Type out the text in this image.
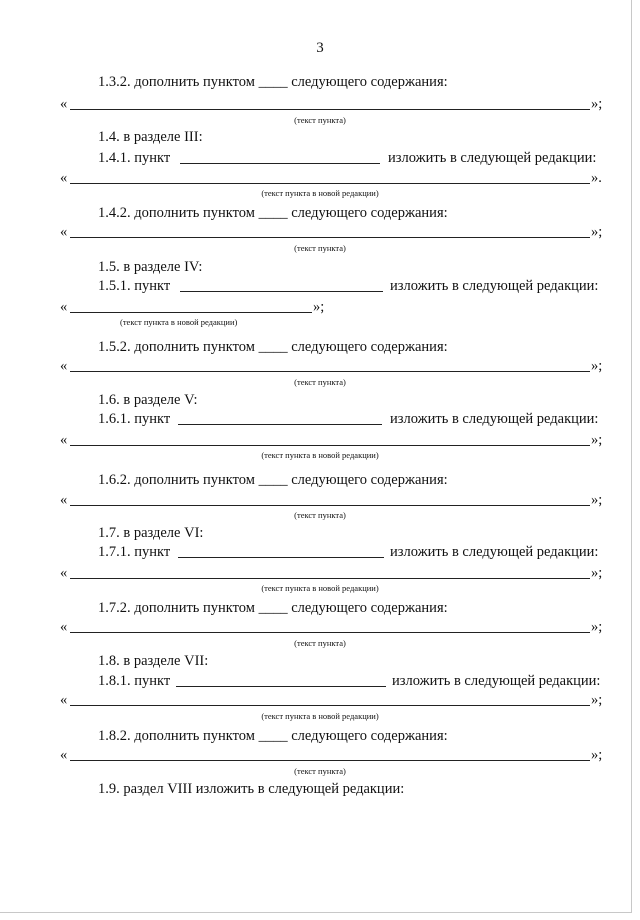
3
1.3.2. дополнить пунктом ____ следующего содержания:
«	»;
(текст пункта)
1.4. в разделе III:
1.4.1. пункт	изложить в следующей редакции:
«	».
(текст пункта в новой редакции)
1.4.2. дополнить пунктом ____ следующего содержания:
«	»;
(текст пункта)
1.5. в разделе IV:
1.5.1. пункт	изложить в следующей редакции:
«	»;
(текст пункта в новой редакции)
1.5.2. дополнить пунктом ____ следующего содержания:
«	»;
(текст пункта)
1.6. в разделе V:
1.6.1. пункт	изложить в следующей редакции:
«	»;
(текст пункта в новой редакции)
1.6.2. дополнить пунктом ____ следующего содержания:
«	»;
(текст пункта)
1.7. в разделе VI:
1.7.1. пункт	изложить в следующей редакции:
«	»;
(текст пункта в новой редакции)
1.7.2. дополнить пунктом ____ следующего содержания:
«	»;
(текст пункта)
1.8. в разделе VII:
1.8.1. пункт	изложить в следующей редакции:
«	»;
(текст пункта в новой редакции)
1.8.2. дополнить пунктом ____ следующего содержания:
«	»;
(текст пункта)
1.9. раздел VIII изложить в следующей редакции:
